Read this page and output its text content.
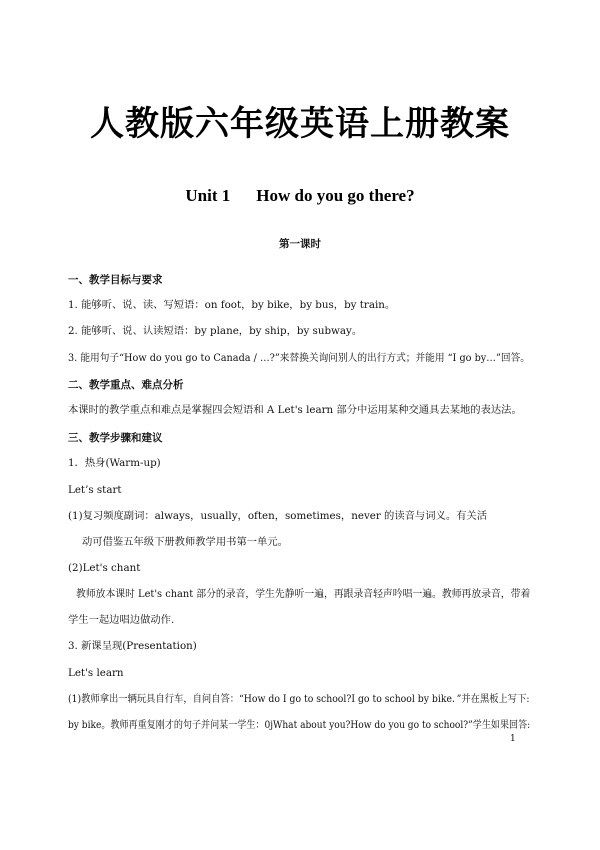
人教版六年级英语上册教案
Unit 1 How do you go there?
第一课时
一、教学目标与要求
1. 能够听、说、读、写短语：on foot，by bike，by bus，by train。
2. 能够听、说、认读短语：by plane，by ship，by subway。
3. 能用句子“How do you go to Canada / …?”来替换关询问别人的出行方式；并能用 “I go by…”回答。
二、教学重点、难点分析
本课时的教学重点和难点是掌握四会短语和 A Let's learn 部分中运用某种交通具去某地的表达法。
三、教学步骤和建议
1．热身(Warm-up)
Let’s start
(1)复习频度副词：always，usually，often，sometimes，never 的读音与词义。有关活
动可借鉴五年级下册教师教学用书第一单元。
(2)Let's chant
教师放本课时 Let's chant 部分的录音，学生先静听一遍，再跟录音轻声吟唱一遍。教师再放录音，带着
学生一起边唱边做动作.
3. 新课呈现(Presentation)
Let's learn
(1)教师拿出一辆玩具自行车，自问自答：“How do I go to school?I go to school by bike．”并在黑板上写下:
by bike。教师再重复刚才的句子并问某一学生：0jWhat about you?How do you go to school?”学生如果回答:
1
